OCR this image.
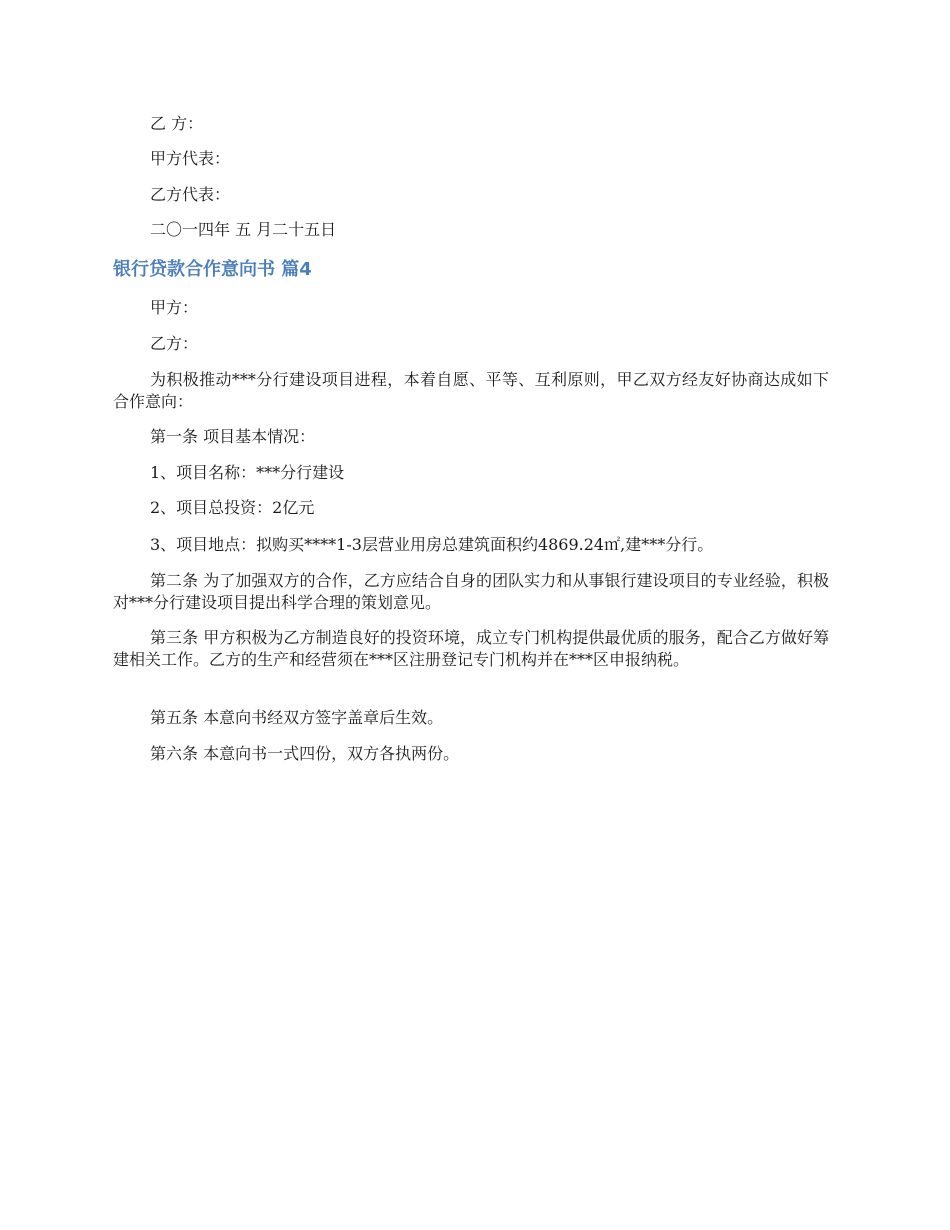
乙 方：

甲方代表：

乙方代表：

二〇一四年 五 月二十五日

银行贷款合作意向书 篇4

甲方：

乙方：

为积极推动***分行建设项目进程，本着自愿、平等、互利原则，甲乙双方经友好协商达成如下合作意向：

第一条 项目基本情况：

1、项目名称：***分行建设

2、项目总投资：2亿元

3、项目地点：拟购买****1-3层营业用房总建筑面积约4869.24㎡,建***分行。

第二条 为了加强双方的合作，乙方应结合自身的团队实力和从事银行建设项目的专业经验，积极对***分行建设项目提出科学合理的策划意见。

第三条 甲方积极为乙方制造良好的投资环境，成立专门机构提供最优质的服务，配合乙方做好筹建相关工作。乙方的生产和经营须在***区注册登记专门机构并在***区申报纳税。

第五条 本意向书经双方签字盖章后生效。

第六条 本意向书一式四份，双方各执两份。
